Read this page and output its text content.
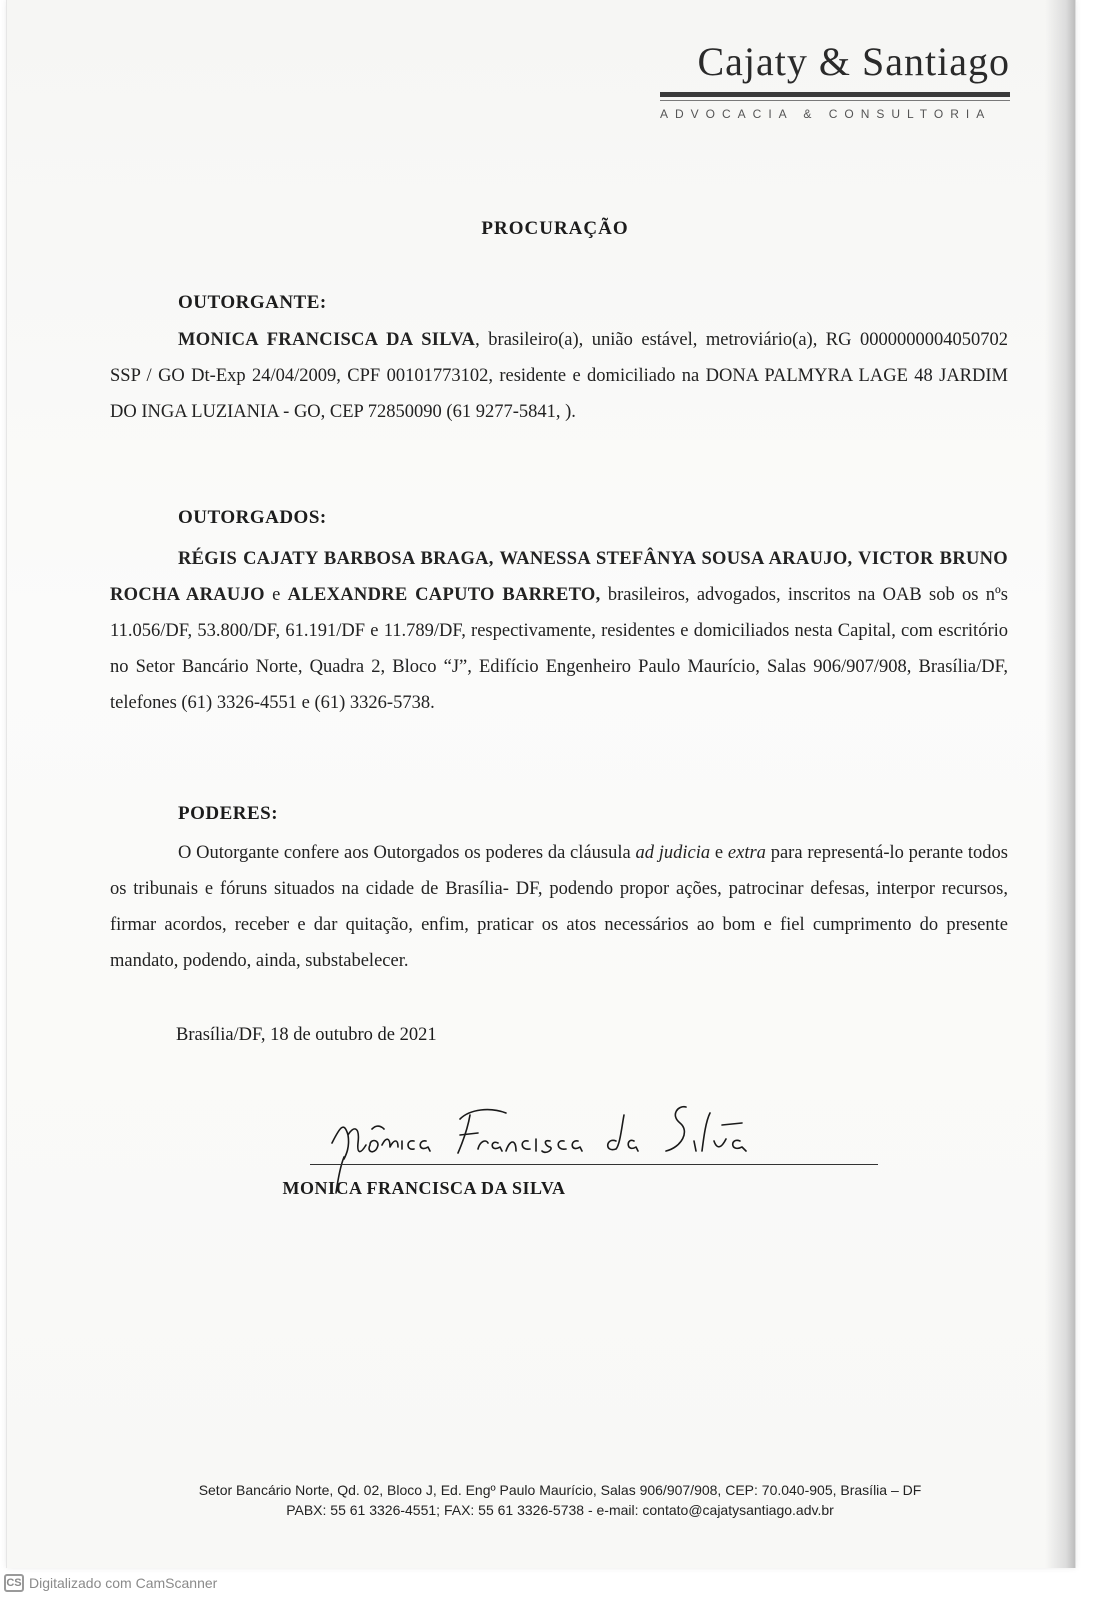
Cajaty & Santiago
ADVOCACIA & CONSULTORIA
PROCURAÇÃO
OUTORGANTE:
MONICA FRANCISCA DA SILVA, brasileiro(a), união estável, metroviário(a), RG 0000000004050702 SSP / GO Dt-Exp 24/04/2009, CPF 00101773102, residente e domiciliado na DONA PALMYRA LAGE 48 JARDIM DO INGA LUZIANIA - GO, CEP 72850090 (61 9277-5841, ).
OUTORGADOS:
RÉGIS CAJATY BARBOSA BRAGA, WANESSA STEFÂNYA SOUSA ARAUJO, VICTOR BRUNO ROCHA ARAUJO e ALEXANDRE CAPUTO BARRETO, brasileiros, advogados, inscritos na OAB sob os nºs 11.056/DF, 53.800/DF, 61.191/DF e 11.789/DF, respectivamente, residentes e domiciliados nesta Capital, com escritório no Setor Bancário Norte, Quadra 2, Bloco “J”, Edifício Engenheiro Paulo Maurício, Salas 906/907/908, Brasília/DF, telefones (61) 3326-4551 e (61) 3326-5738.
PODERES:
O Outorgante confere aos Outorgados os poderes da cláusula ad judicia e extra para representá-lo perante todos os tribunais e fóruns situados na cidade de Brasília- DF, podendo propor ações, patrocinar defesas, interpor recursos, firmar acordos, receber e dar quitação, enfim, praticar os atos necessários ao bom e fiel cumprimento do presente mandato, podendo, ainda, substabelecer.
Brasília/DF, 18 de outubro de 2021
MONICA FRANCISCA DA SILVA
Setor Bancário Norte, Qd. 02, Bloco J, Ed. Engº Paulo Maurício, Salas 906/907/908, CEP: 70.040-905, Brasília – DF
PABX: 55 61 3326-4551; FAX: 55 61 3326-5738 - e-mail: contato@cajatysantiago.adv.br
CS Digitalizado com CamScanner
